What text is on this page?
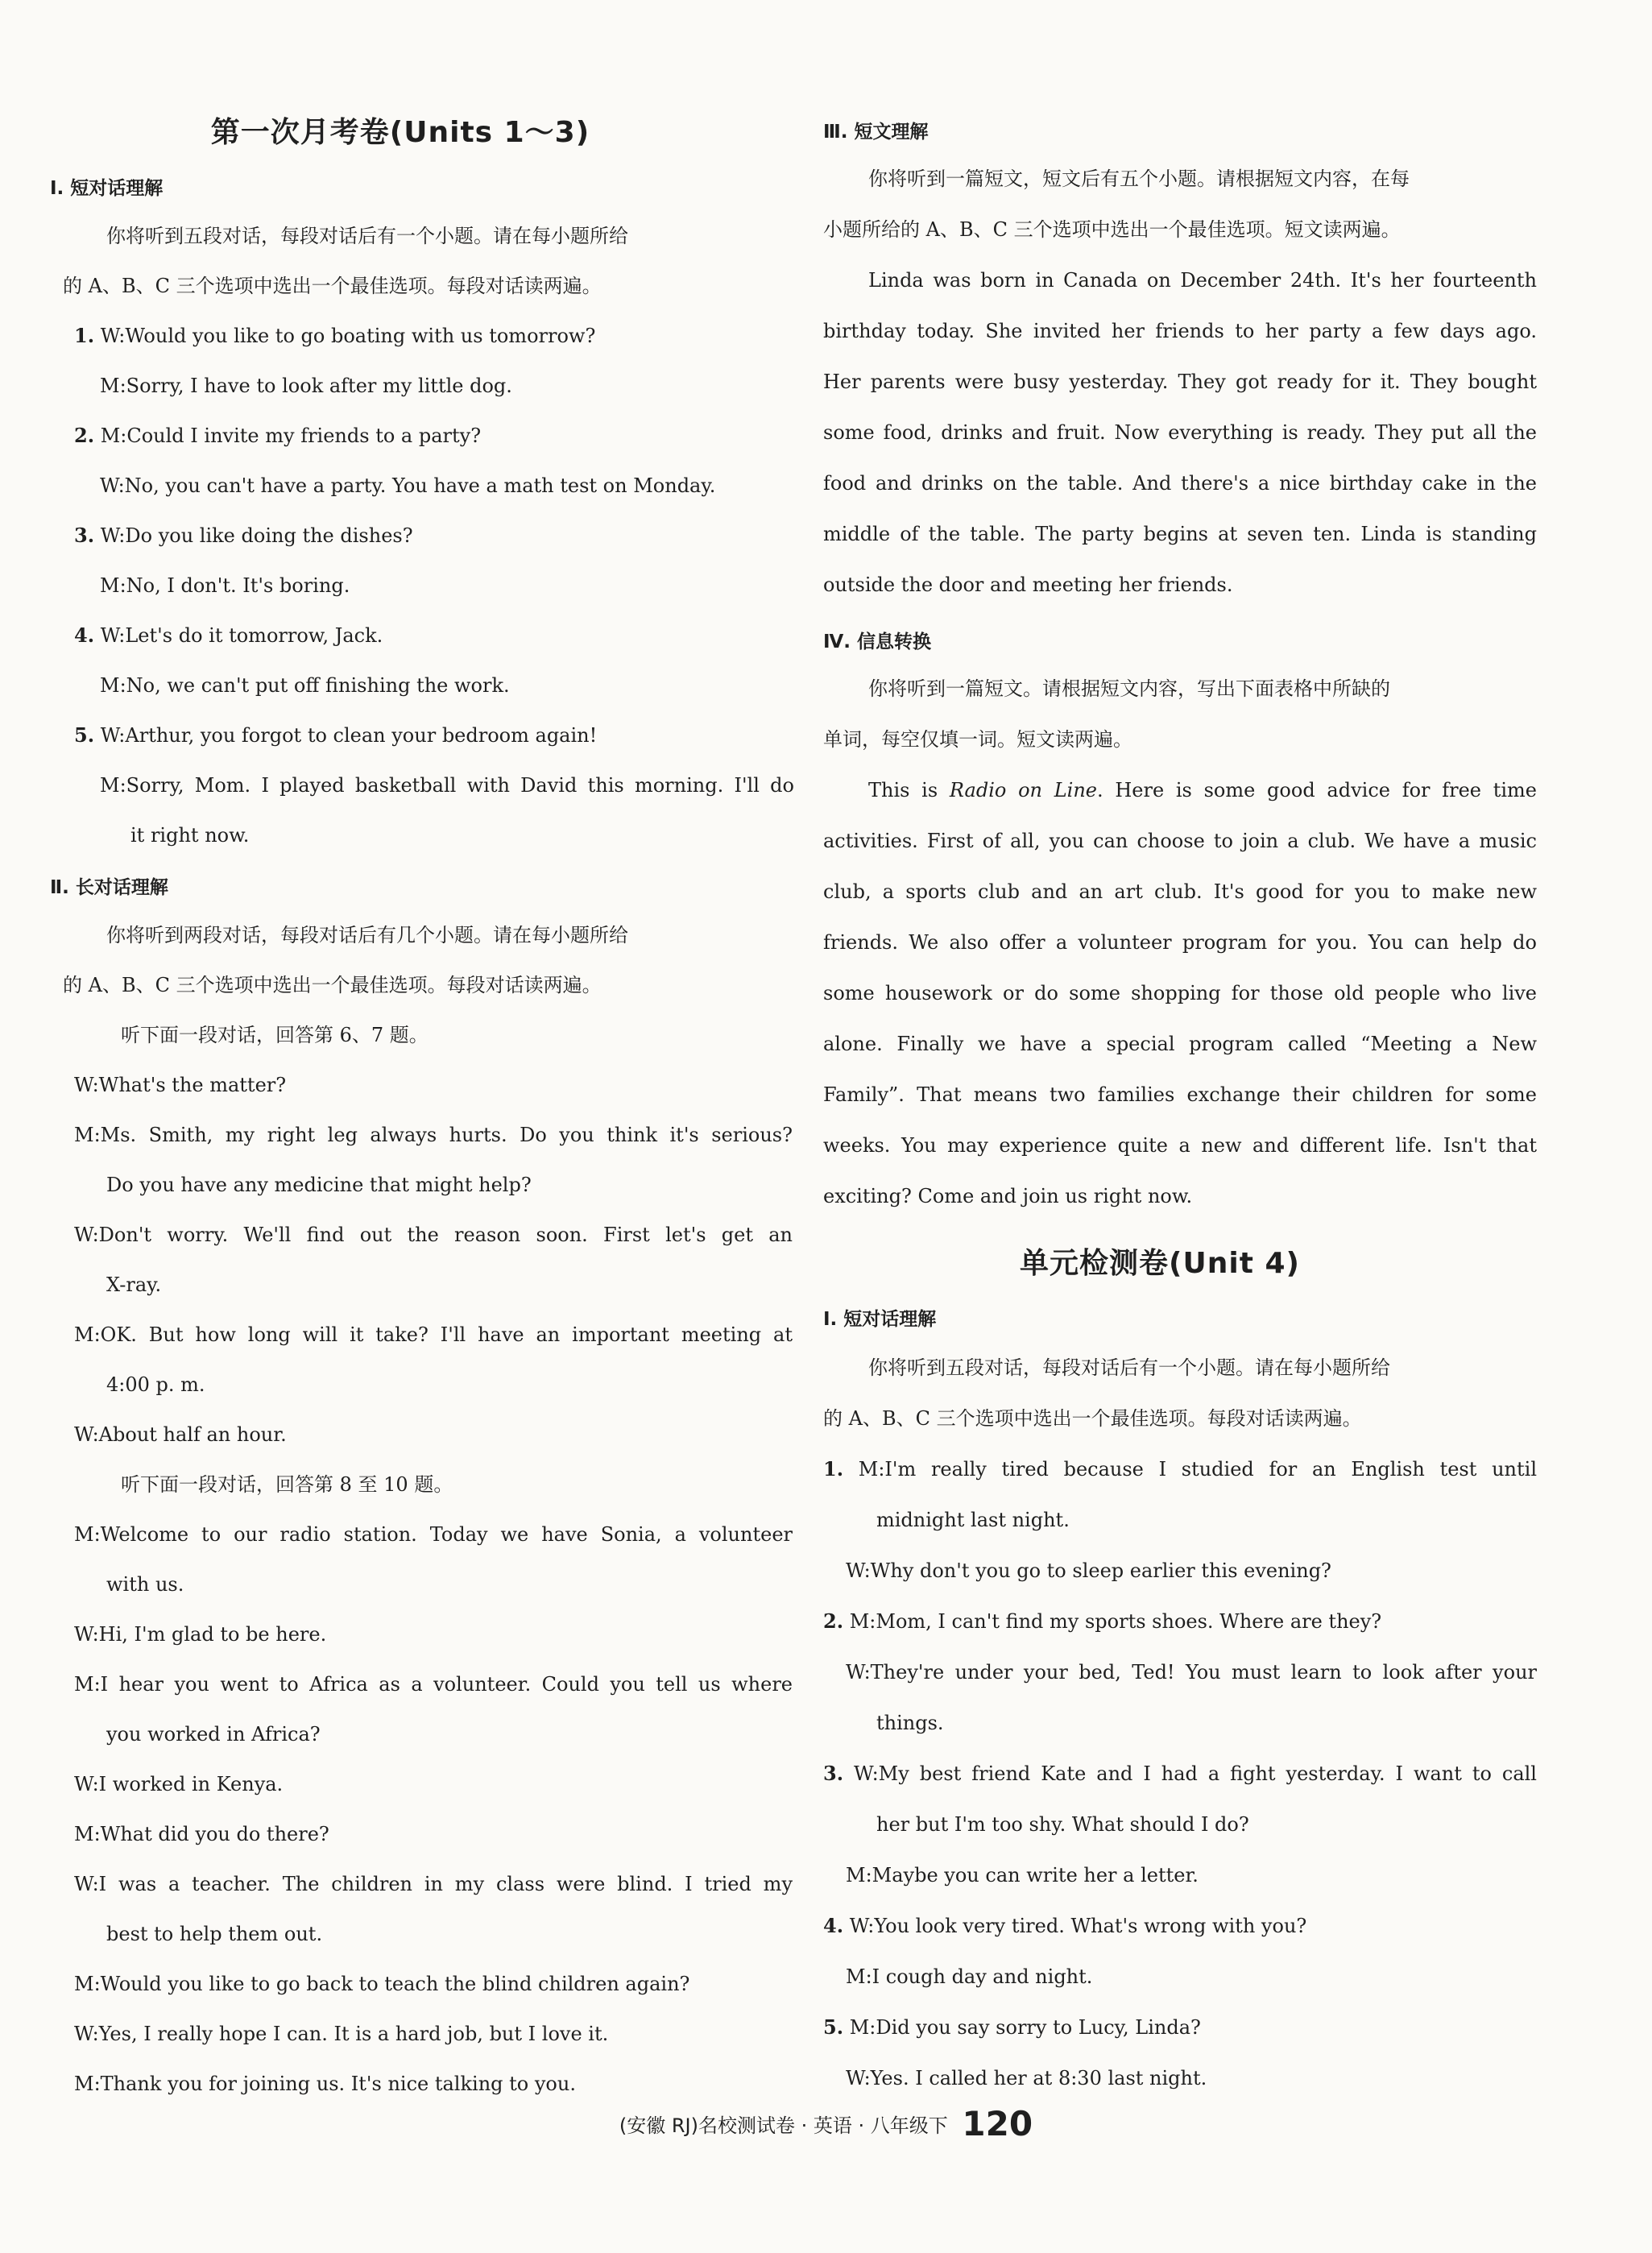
第一次月考卷(Units 1～3)
Ⅰ. 短对话理解
你将听到五段对话，每段对话后有一个小题。请在每小题所给
的 A、B、C 三个选项中选出一个最佳选项。每段对话读两遍。
1. W:Would you like to go boating with us tomorrow?
M:Sorry, I have to look after my little dog.
2. M:Could I invite my friends to a party?
W:No, you can't have a party. You have a math test on Monday.
3. W:Do you like doing the dishes?
M:No, I don't. It's boring.
4. W:Let's do it tomorrow, Jack.
M:No, we can't put off finishing the work.
5. W:Arthur, you forgot to clean your bedroom again!
M:Sorry, Mom. I played basketball with David this morning. I'll do
it right now.
Ⅱ. 长对话理解
你将听到两段对话，每段对话后有几个小题。请在每小题所给
的 A、B、C 三个选项中选出一个最佳选项。每段对话读两遍。
听下面一段对话，回答第 6、7 题。
W:What's the matter?
M:Ms. Smith, my right leg always hurts. Do you think it's serious?
Do you have any medicine that might help?
W:Don't worry. We'll find out the reason soon. First let's get an
X-ray.
M:OK. But how long will it take? I'll have an important meeting at
4:00 p. m.
W:About half an hour.
听下面一段对话，回答第 8 至 10 题。
M:Welcome to our radio station. Today we have Sonia, a volunteer
with us.
W:Hi, I'm glad to be here.
M:I hear you went to Africa as a volunteer. Could you tell us where
you worked in Africa?
W:I worked in Kenya.
M:What did you do there?
W:I was a teacher. The children in my class were blind. I tried my
best to help them out.
M:Would you like to go back to teach the blind children again?
W:Yes, I really hope I can. It is a hard job, but I love it.
M:Thank you for joining us. It's nice talking to you.
Ⅲ. 短文理解
你将听到一篇短文，短文后有五个小题。请根据短文内容，在每
小题所给的 A、B、C 三个选项中选出一个最佳选项。短文读两遍。
Linda was born in Canada on December 24th. It's her fourteenth
birthday today. She invited her friends to her party a few days ago.
Her parents were busy yesterday. They got ready for it. They bought
some food, drinks and fruit. Now everything is ready. They put all the
food and drinks on the table. And there's a nice birthday cake in the
middle of the table. The party begins at seven ten. Linda is standing
outside the door and meeting her friends.
Ⅳ. 信息转换
你将听到一篇短文。请根据短文内容，写出下面表格中所缺的
单词，每空仅填一词。短文读两遍。
This is Radio on Line. Here is some good advice for free time
activities. First of all, you can choose to join a club. We have a music
club, a sports club and an art club. It's good for you to make new
friends. We also offer a volunteer program for you. You can help do
some housework or do some shopping for those old people who live
alone. Finally we have a special program called “Meeting a New
Family”. That means two families exchange their children for some
weeks. You may experience quite a new and different life. Isn't that
exciting? Come and join us right now.
单元检测卷(Unit 4)
Ⅰ. 短对话理解
你将听到五段对话，每段对话后有一个小题。请在每小题所给
的 A、B、C 三个选项中选出一个最佳选项。每段对话读两遍。
1. M:I'm really tired because I studied for an English test until
midnight last night.
W:Why don't you go to sleep earlier this evening?
2. M:Mom, I can't find my sports shoes. Where are they?
W:They're under your bed, Ted! You must learn to look after your
things.
3. W:My best friend Kate and I had a fight yesterday. I want to call
her but I'm too shy. What should I do?
M:Maybe you can write her a letter.
4. W:You look very tired. What's wrong with you?
M:I cough day and night.
5. M:Did you say sorry to Lucy, Linda?
W:Yes. I called her at 8:30 last night.
(安徽 RJ)名校测试卷 · 英语 · 八年级下 120
